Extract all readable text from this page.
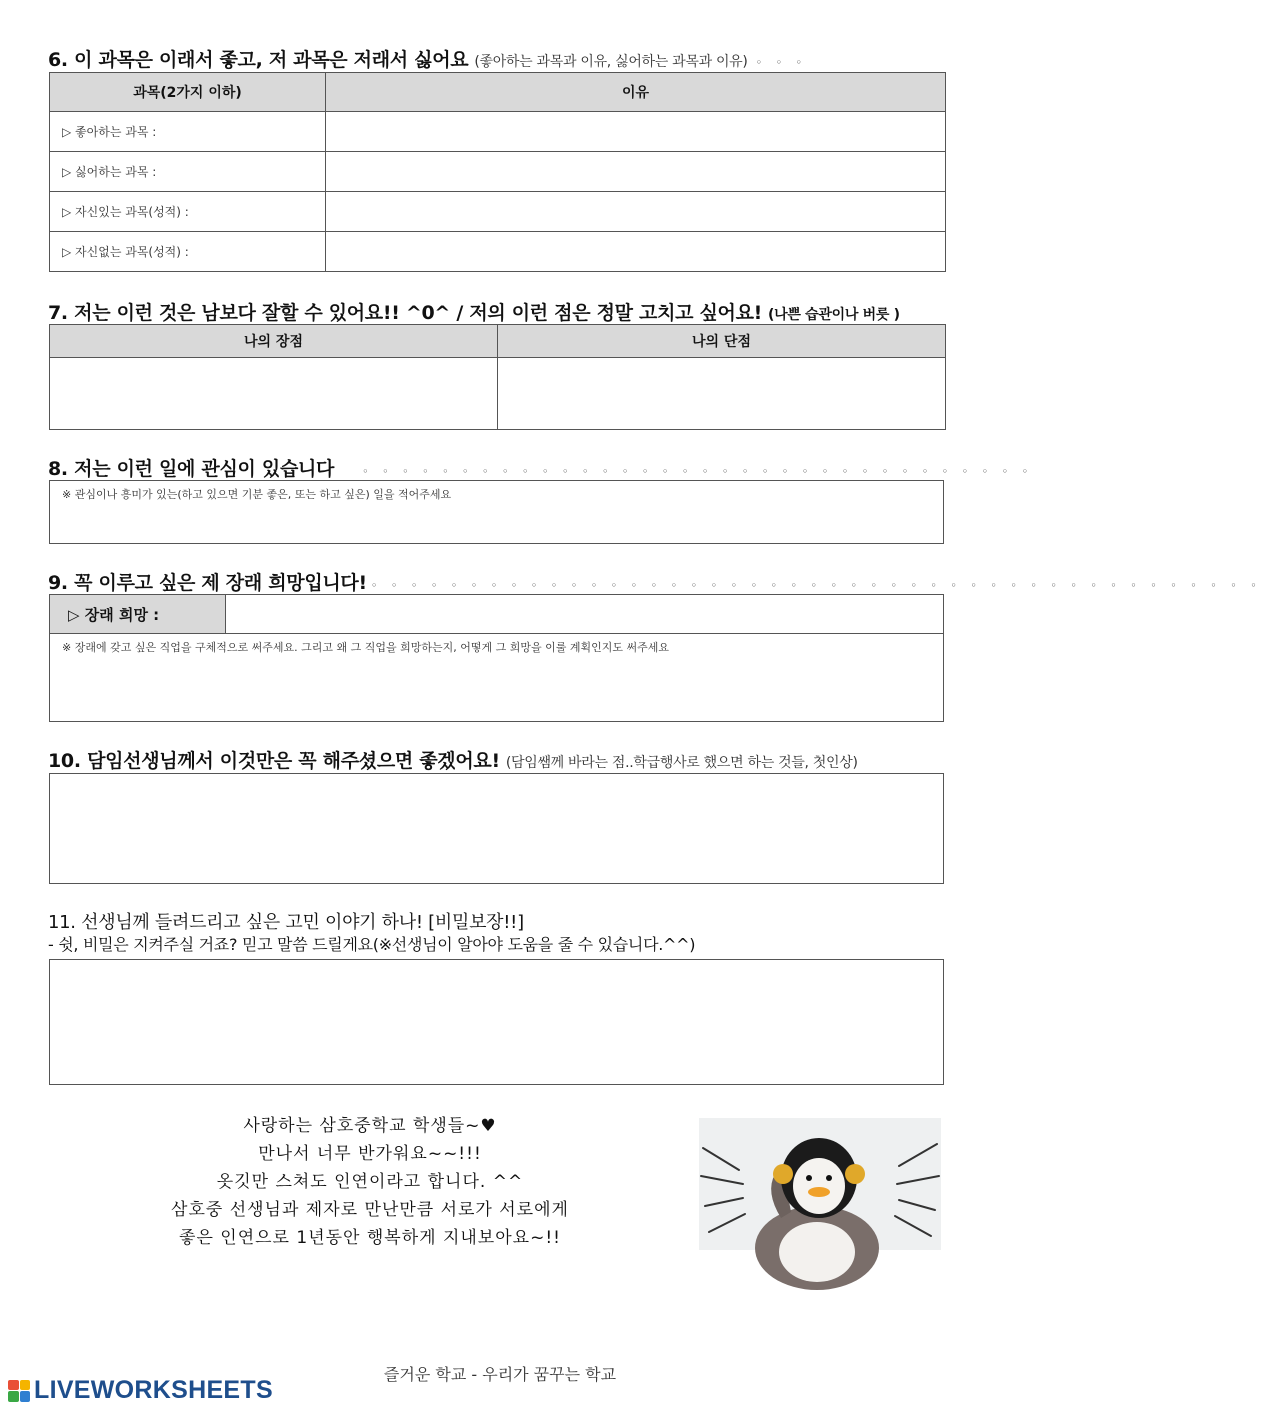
6. 이 과목은 이래서 좋고, 저 과목은 저래서 싫어요 (좋아하는 과목과 이유, 싫어하는 과목과 이유) ◦ ◦ ◦
과목(2가지 이하)	이유
▷ 좋아하는 과목 :	
▷ 싫어하는 과목 :	
▷ 자신있는 과목(성적) :	
▷ 자신없는 과목(성적) :	
7. 저는 이런 것은 남보다 잘할 수 있어요!! ^0^ / 저의 이런 점은 정말 고치고 싶어요! (나쁜 습관이나 버릇 )
나의 장점	나의 단점

8. 저는 이런 일에 관심이 있습니다	◦ ◦ ◦ ◦ ◦ ◦ ◦ ◦ ◦ ◦ ◦ ◦ ◦ ◦ ◦ ◦ ◦ ◦ ◦ ◦ ◦ ◦ ◦ ◦ ◦ ◦ ◦ ◦ ◦ ◦ ◦ ◦ ◦ ◦
※ 관심이나 흥미가 있는(하고 있으면 기분 좋은, 또는 하고 싶은) 일을 적어주세요
9. 꼭 이루고 싶은 제 장래 희망입니다! ◦ ◦ ◦ ◦ ◦ ◦ ◦ ◦ ◦ ◦ ◦ ◦ ◦ ◦ ◦ ◦ ◦ ◦ ◦ ◦ ◦ ◦ ◦ ◦ ◦ ◦ ◦ ◦ ◦ ◦ ◦ ◦ ◦ ◦ ◦ ◦ ◦ ◦ ◦ ◦ ◦ ◦ ◦ ◦ ◦
▷ 장래 희망 :
※ 장래에 갖고 싶은 직업을 구체적으로 써주세요. 그리고 왜 그 직업을 희망하는지, 어떻게 그 희망을 이룰 계획인지도 써주세요
10. 담임선생님께서 이것만은 꼭 해주셨으면 좋겠어요! (담임쌤께 바라는 점..학급행사로 했으면 하는 것들, 첫인상)
11. 선생님께 들려드리고 싶은 고민 이야기 하나! [비밀보장!!]
- 쉿, 비밀은 지켜주실 거죠? 믿고 말씀 드릴게요(※선생님이 알아야 도움을 줄 수 있습니다.^^)
사랑하는 삼호중학교 학생들~♥
만나서 너무 반가워요~~!!!
옷깃만 스쳐도 인연이라고 합니다. ^^
삼호중 선생님과 제자로 만난만큼 서로가 서로에게
좋은 인연으로 1년동안 행복하게 지내보아요~!!
즐거운 학교 - 우리가 꿈꾸는 학교
LIVEWORKSHEETS
